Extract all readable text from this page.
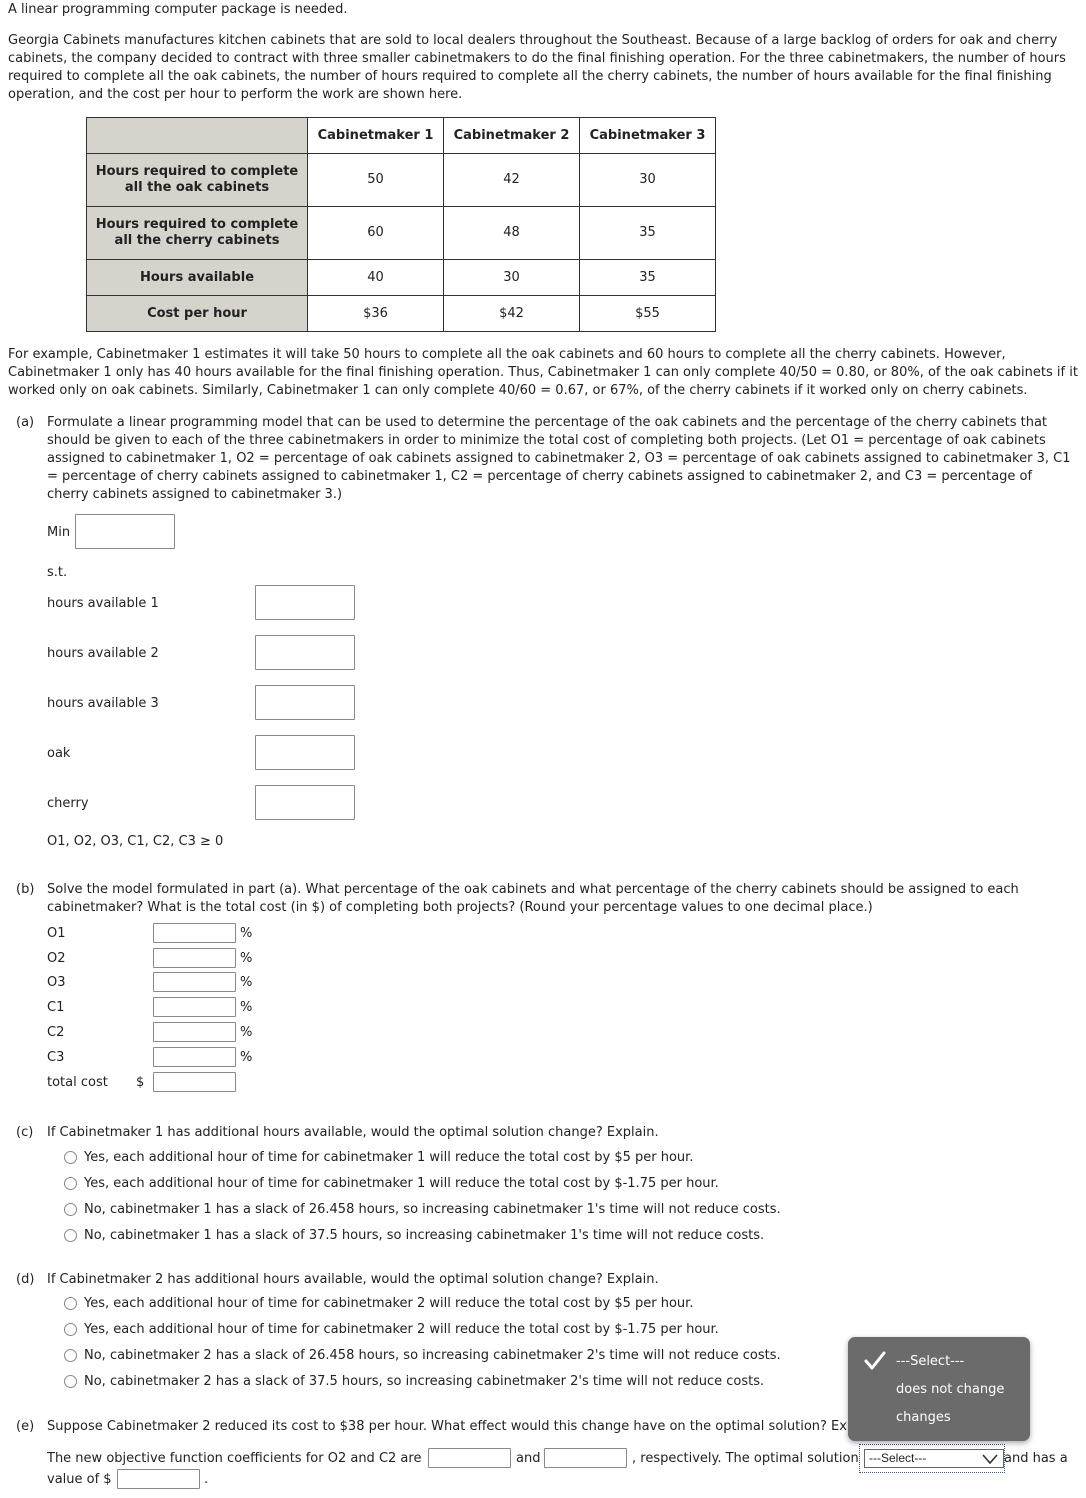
A linear programming computer package is needed.

Georgia Cabinets manufactures kitchen cabinets that are sold to local dealers throughout the Southeast. Because of a large backlog of orders for oak and cherry cabinets, the company decided to contract with three smaller cabinetmakers to do the final finishing operation. For the three cabinetmakers, the number of hours required to complete all the oak cabinets, the number of hours required to complete all the cherry cabinets, the number of hours available for the final finishing operation, and the cost per hour to perform the work are shown here.

	Cabinetmaker 1	Cabinetmaker 2	Cabinetmaker 3
Hours required to complete all the oak cabinets	50	42	30
Hours required to complete all the cherry cabinets	60	48	35
Hours available	40	30	35
Cost per hour	$36	$42	$55

For example, Cabinetmaker 1 estimates it will take 50 hours to complete all the oak cabinets and 60 hours to complete all the cherry cabinets. However, Cabinetmaker 1 only has 40 hours available for the final finishing operation. Thus, Cabinetmaker 1 can only complete 40/50 = 0.80, or 80%, of the oak cabinets if it worked only on oak cabinets. Similarly, Cabinetmaker 1 can only complete 40/60 = 0.67, or 67%, of the cherry cabinets if it worked only on cherry cabinets.

(a) Formulate a linear programming model that can be used to determine the percentage of the oak cabinets and the percentage of the cherry cabinets that should be given to each of the three cabinetmakers in order to minimize the total cost of completing both projects. (Let O1 = percentage of oak cabinets assigned to cabinetmaker 1, O2 = percentage of oak cabinets assigned to cabinetmaker 2, O3 = percentage of oak cabinets assigned to cabinetmaker 3, C1 = percentage of cherry cabinets assigned to cabinetmaker 1, C2 = percentage of cherry cabinets assigned to cabinetmaker 2, and C3 = percentage of cherry cabinets assigned to cabinetmaker 3.)

Min
s.t.
hours available 1
hours available 2
hours available 3
oak
cherry
O1, O2, O3, C1, C2, C3 ≥ 0
(b) Solve the model formulated in part (a). What percentage of the oak cabinets and what percentage of the cherry cabinets should be assigned to each cabinetmaker? What is the total cost (in $) of completing both projects? (Round your percentage values to one decimal place.)

O1	%
O2	%
O3	%
C1	%
C2	%
C3	%
total cost $
(c) If Cabinetmaker 1 has additional hours available, would the optimal solution change? Explain.
Yes, each additional hour of time for cabinetmaker 1 will reduce the total cost by $5 per hour.
Yes, each additional hour of time for cabinetmaker 1 will reduce the total cost by $-1.75 per hour.
No, cabinetmaker 1 has a slack of 26.458 hours, so increasing cabinetmaker 1's time will not reduce costs.
No, cabinetmaker 1 has a slack of 37.5 hours, so increasing cabinetmaker 1's time will not reduce costs.
(d) If Cabinetmaker 2 has additional hours available, would the optimal solution change? Explain.
Yes, each additional hour of time for cabinetmaker 2 will reduce the total cost by $5 per hour.
Yes, each additional hour of time for cabinetmaker 2 will reduce the total cost by $-1.75 per hour.
No, cabinetmaker 2 has a slack of 26.458 hours, so increasing cabinetmaker 2's time will not reduce costs.
No, cabinetmaker 2 has a slack of 37.5 hours, so increasing cabinetmaker 2's time will not reduce costs.
(e) Suppose Cabinetmaker 2 reduced its cost to $38 per hour. What effect would this change have on the optimal solution? Ex
The new objective function coefficients for O2 and C2 are	and	, respectively. The optimal solution ---Select---	and has a
value of $	.
---Select---
does not change
changes
